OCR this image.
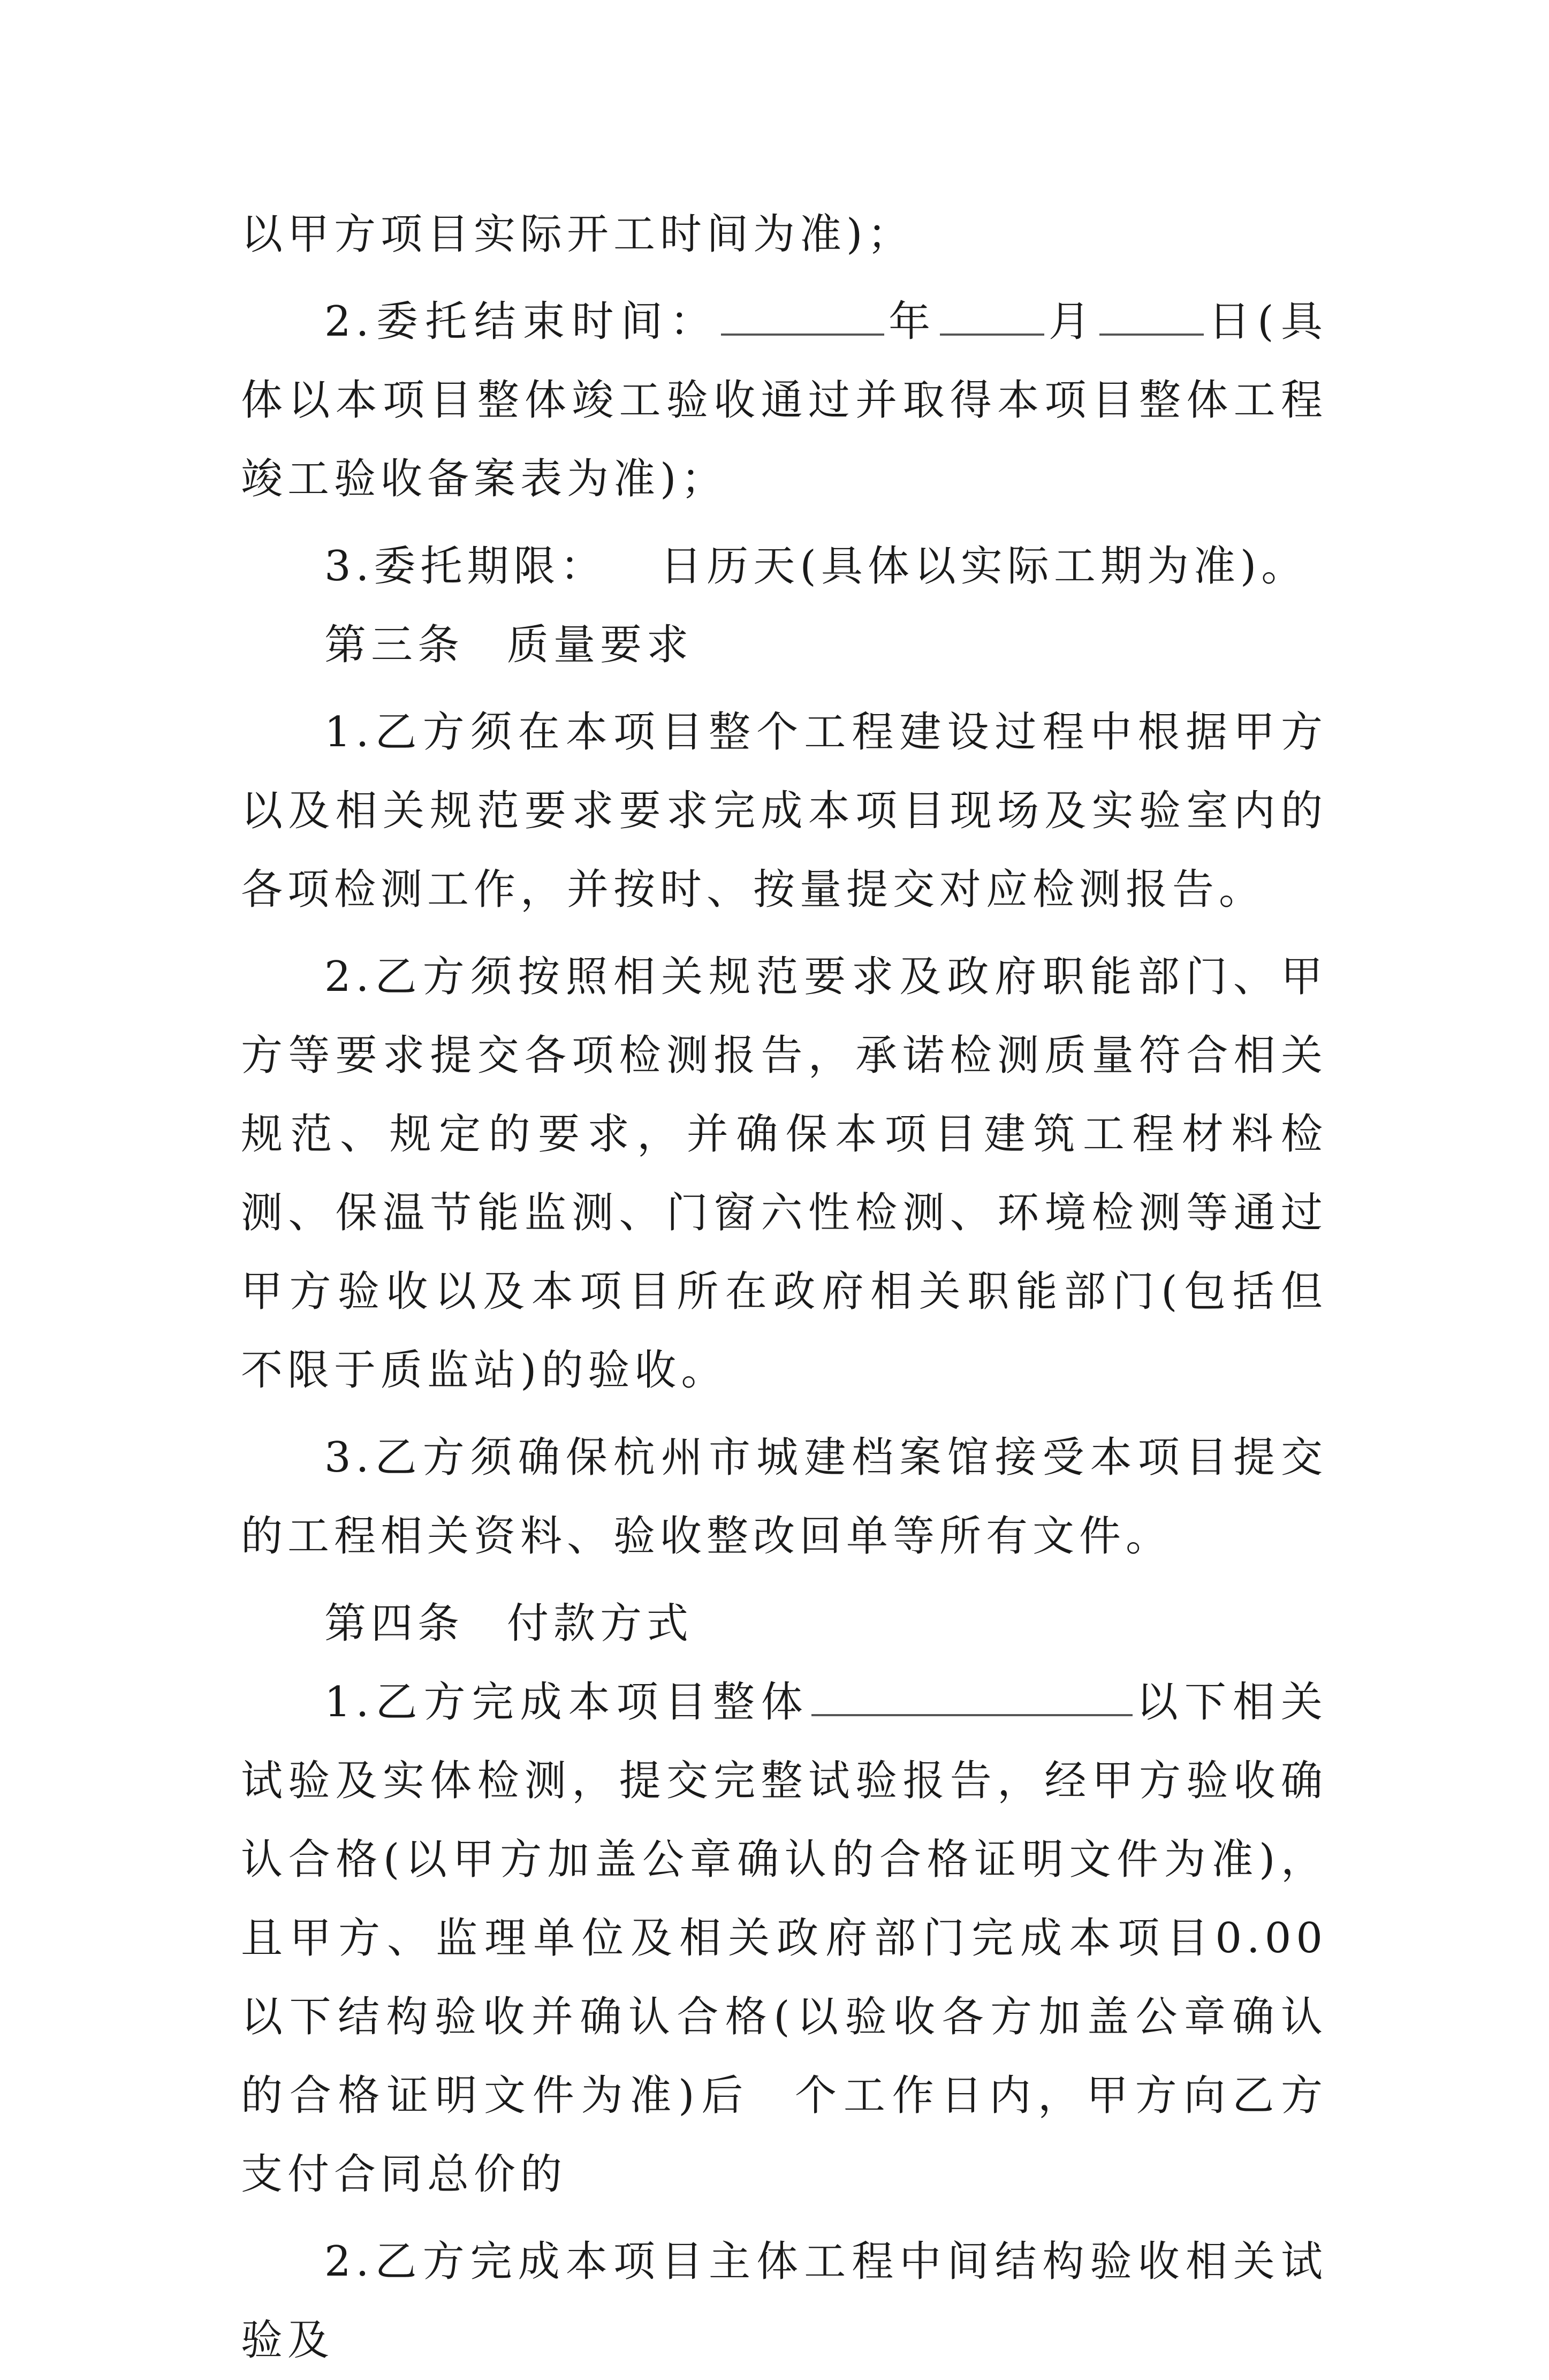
以甲方项目实际开工时间为准)；

2.委托结束时间：	年	月	日(具体以本项目整体竣工验收通过并取得本项目整体工程竣工验收备案表为准)；

3.委托期限： 日历天(具体以实际工期为准)。

第三条 质量要求

1.乙方须在本项目整个工程建设过程中根据甲方以及相关规范要求要求完成本项目现场及实验室内的各项检测工作，并按时、按量提交对应检测报告。

2.乙方须按照相关规范要求及政府职能部门、甲方等要求提交各项检测报告，承诺检测质量符合相关规范、规定的要求，并确保本项目建筑工程材料检测、保温节能监测、门窗六性检测、环境检测等通过甲方验收以及本项目所在政府相关职能部门(包括但不限于质监站)的验收。

3.乙方须确保杭州市城建档案馆接受本项目提交的工程相关资料、验收整改回单等所有文件。

第四条 付款方式

1.乙方完成本项目整体	以下相关试验及实体检测，提交完整试验报告，经甲方验收确认合格(以甲方加盖公章确认的合格证明文件为准)，且甲方、监理单位及相关政府部门完成本项目0.00以下结构验收并确认合格(以验收各方加盖公章确认的合格证明文件为准)后 个工作日内，甲方向乙方支付合同总价的

2.乙方完成本项目主体工程中间结构验收相关试验及
